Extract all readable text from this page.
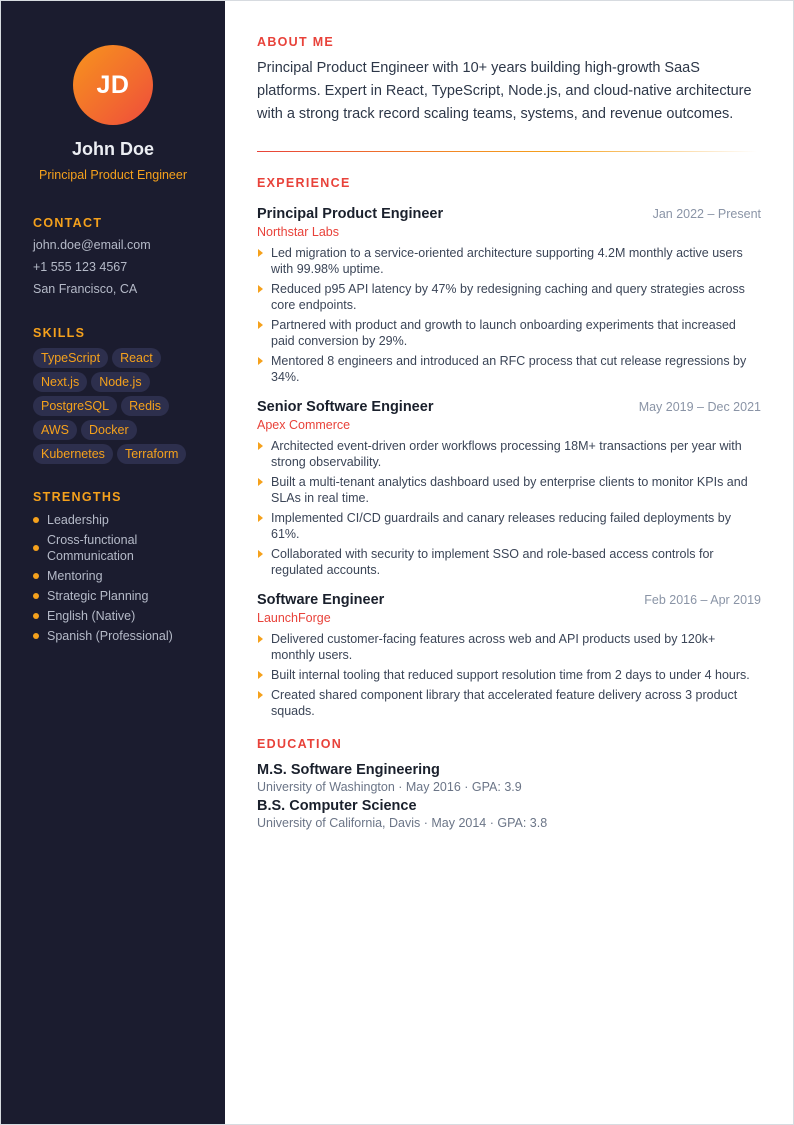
JD
John Doe
Principal Product Engineer
CONTACT
john.doe@email.com
+1 555 123 4567
San Francisco, CA
SKILLS
TypeScript	React
Next.js	Node.js
PostgreSQL	Redis
AWS	Docker
Kubernetes	Terraform
STRENGTHS
Leadership
Cross-functional Communication
Mentoring
Strategic Planning
English (Native)
Spanish (Professional)
ABOUT ME

Principal Product Engineer with 10+ years building high-growth SaaS platforms. Expert in React, TypeScript, Node.js, and cloud-native architecture with a strong track record scaling teams, systems, and revenue outcomes.

EXPERIENCE
Principal Product Engineer	Jan 2022 – Present
Northstar Labs
Led migration to a service-oriented architecture supporting 4.2M monthly active users with 99.98% uptime.
Reduced p95 API latency by 47% by redesigning caching and query strategies across core endpoints.
Partnered with product and growth to launch onboarding experiments that increased paid conversion by 29%.
Mentored 8 engineers and introduced an RFC process that cut release regressions by 34%.
Senior Software Engineer	May 2019 – Dec 2021
Apex Commerce
Architected event-driven order workflows processing 18M+ transactions per year with strong observability.
Built a multi-tenant analytics dashboard used by enterprise clients to monitor KPIs and SLAs in real time.
Implemented CI/CD guardrails and canary releases reducing failed deployments by 61%.
Collaborated with security to implement SSO and role-based access controls for regulated accounts.
Software Engineer	Feb 2016 – Apr 2019
LaunchForge
Delivered customer-facing features across web and API products used by 120k+ monthly users.
Built internal tooling that reduced support resolution time from 2 days to under 4 hours.
Created shared component library that accelerated feature delivery across 3 product squads.
EDUCATION
M.S. Software Engineering
University of Washington · May 2016 · GPA: 3.9
B.S. Computer Science
University of California, Davis · May 2014 · GPA: 3.8
